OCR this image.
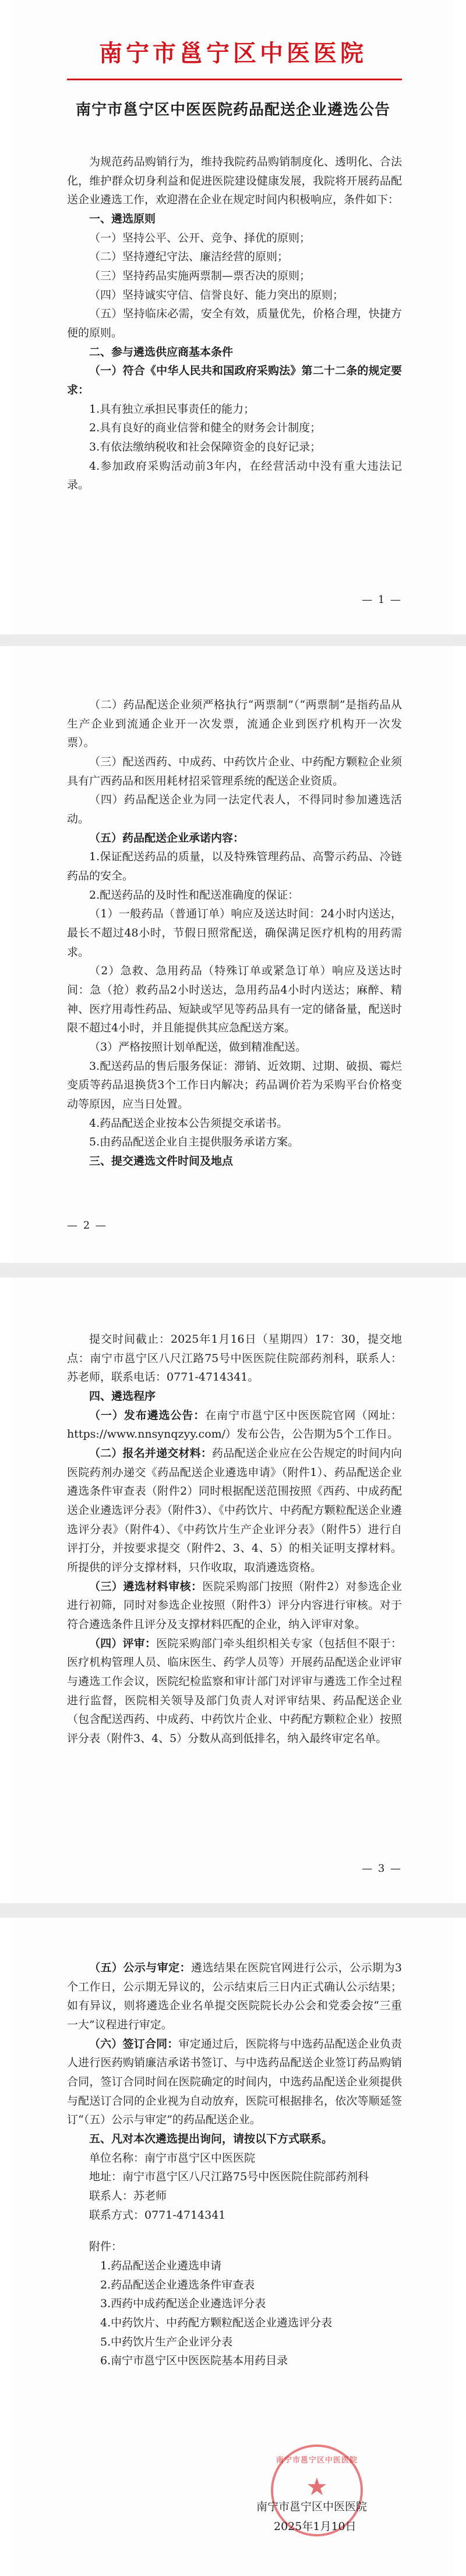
南宁市邕宁区中医医院
南宁市邕宁区中医医院药品配送企业遴选公告

为规范药品购销行为，维持我院药品购销制度化、透明化、合法化，维护群众切身利益和促进医院建设健康发展，我院将开展药品配送企业遴选工作，欢迎潜在企业在规定时间内积极响应，条件如下：

一、遴选原则

（一）坚持公平、公开、竞争、择优的原则；

（二）坚持遵纪守法、廉洁经营的原则；

（三）坚持药品实施两票制—票否决的原则；

（四）坚持诚实守信、信誉良好、能力突出的原则；

（五）坚持临床必需，安全有效，质量优先，价格合理，快捷方便的原则。

二、参与遴选供应商基本条件

（一）符合《中华人民共和国政府采购法》第二十二条的规定要求：

1.具有独立承担民事责任的能力；

2.具有良好的商业信誉和健全的财务会计制度；

3.有依法缴纳税收和社会保障资金的良好记录；

4.参加政府采购活动前3年内，在经营活动中没有重大违法记录。

— 1 —

（二）药品配送企业须严格执行“两票制”（“两票制”是指药品从生产企业到流通企业开一次发票，流通企业到医疗机构开一次发票）。

（三）配送西药、中成药、中药饮片企业、中药配方颗粒企业须具有广西药品和医用耗材招采管理系统的配送企业资质。

（四）药品配送企业为同一法定代表人，不得同时参加遴选活动。

（五）药品配送企业承诺内容：

1.保证配送药品的质量，以及特殊管理药品、高警示药品、冷链药品的安全。

2.配送药品的及时性和配送准确度的保证：

（1）一般药品（普通订单）响应及送达时间：24小时内送达，最长不超过48小时，节假日照常配送，确保满足医疗机构的用药需求。

（2）急救、急用药品（特殊订单或紧急订单）响应及送达时间：急（抢）救药品2小时送达，急用药品4小时内送达；麻醉、精神、医疗用毒性药品、短缺或罕见等药品具有一定的储备量，配送时限不超过4小时，并且能提供其应急配送方案。

（3）严格按照计划单配送，做到精准配送。

3.配送药品的售后服务保证：滞销、近效期、过期、破损、霉烂变质等药品退换货3个工作日内解决；药品调价若为采购平台价格变动等原因，应当日处置。

4.药品配送企业按本公告须提交承诺书。

5.由药品配送企业自主提供服务承诺方案。

三、提交遴选文件时间及地点

— 2 —

提交时间截止：2025年1月16日（星期四）17：30，提交地点：南宁市邕宁区八尺江路75号中医医院住院部药剂科，联系人：苏老师，联系电话：0771-4714341。

四、遴选程序

（一）发布遴选公告：在南宁市邕宁区中医医院官网（网址：https://www.nnsynqzyy.com/）发布公告，公告期为5个工作日。

（二）报名并递交材料：药品配送企业应在公告规定的时间内向医院药剂办递交《药品配送企业遴选申请》（附件1）、药品配送企业遴选条件审查表（附件2）同时根据配送范围按照《西药、中成药配送企业遴选评分表》（附件3）、《中药饮片、中药配方颗粒配送企业遴选评分表》（附件4）、《中药饮片生产企业评分表》（附件5）进行自评打分，并按要求提交（附件2、3、4、5）的相关证明支撑材料。所提供的评分支撑材料，只作收取，取消遴选资格。

（三）遴选材料审核：医院采购部门按照（附件2）对参选企业进行初筛，同时对参选企业按照（附件3）评分内容进行审核。对于符合遴选条件且评分及支撑材料匹配的企业，纳入评审对象。

（四）评审：医院采购部门牵头组织相关专家（包括但不限于：医疗机构管理人员、临床医生、药学人员等）开展药品配送企业评审与遴选工作会议，医院纪检监察和审计部门对评审与遴选工作全过程进行监督，医院相关领导及部门负责人对评审结果、药品配送企业（包含配送西药、中成药、中药饮片企业、中药配方颗粒企业）按照评分表（附件3、4、5）分数从高到低排名，纳入最终审定名单。

— 3 —

（五）公示与审定：遴选结果在医院官网进行公示，公示期为3个工作日，公示期无异议的，公示结束后三日内正式确认公示结果；如有异议，则将遴选企业名单提交医院院长办公会和党委会按“三重一大”议程进行审定。

（六）签订合同：审定通过后，医院将与中选药品配送企业负责人进行医药购销廉洁承诺书签订、与中选药品配送企业签订药品购销合同，签订合同时间在医院确定的时间内，中选药品配送企业须提供与配送订合同的企业视为自动放弃，医院可根据排名，依次等顺延签订“（五）公示与审定”的药品配送企业。

五、凡对本次遴选提出询问，请按以下方式联系。

单位名称：南宁市邕宁区中医医院

地址：南宁市邕宁区八尺江路75号中医医院住院部药剂科

联系人：苏老师

联系方式：0771-4714341

附件：

1.药品配送企业遴选申请
2.药品配送企业遴选条件审查表
3.西药中成药配送企业遴选评分表
4.中药饮片、中药配方颗粒配送企业遴选评分表
5.中药饮片生产企业评分表
6.南宁市邕宁区中医医院基本用药目录
南宁市邕宁区中医医院
★
南宁市邕宁区中医医院
2025年1月10日
